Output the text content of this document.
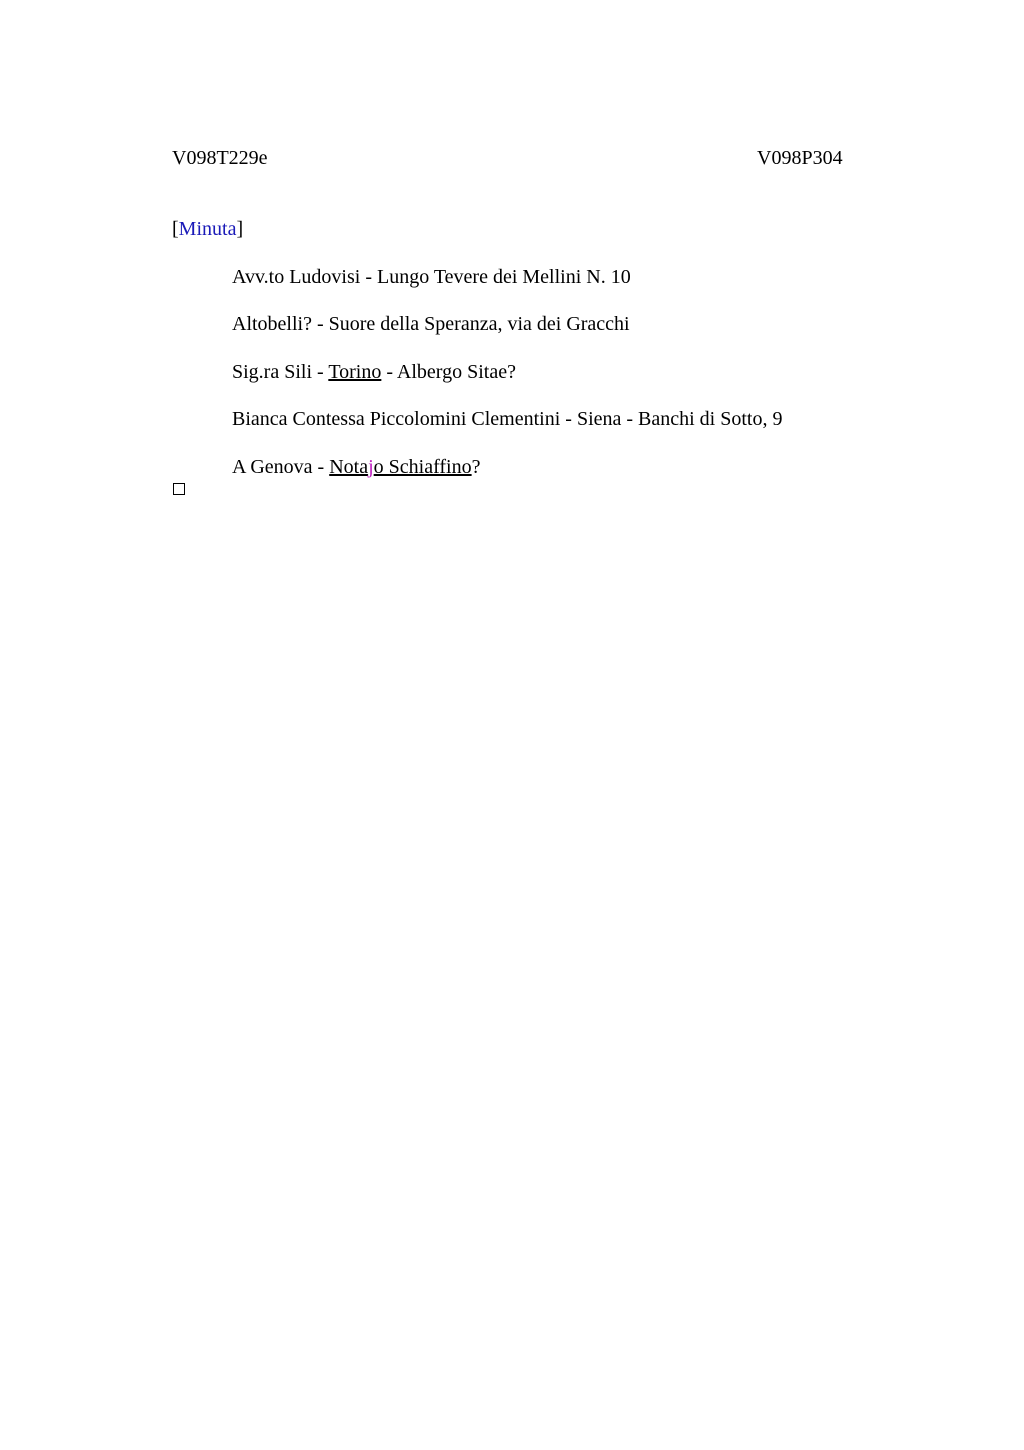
V098T229e	V098P304
[Minuta]
Avv.to Ludovisi - Lungo Tevere dei Mellini N. 10
Altobelli? - Suore della Speranza, via dei Gracchi
Sig.ra Sili - Torino - Albergo Sitae?
Bianca Contessa Piccolomini Clementini - Siena - Banchi di Sotto, 9
A Genova - Notajo Schiaffino?
